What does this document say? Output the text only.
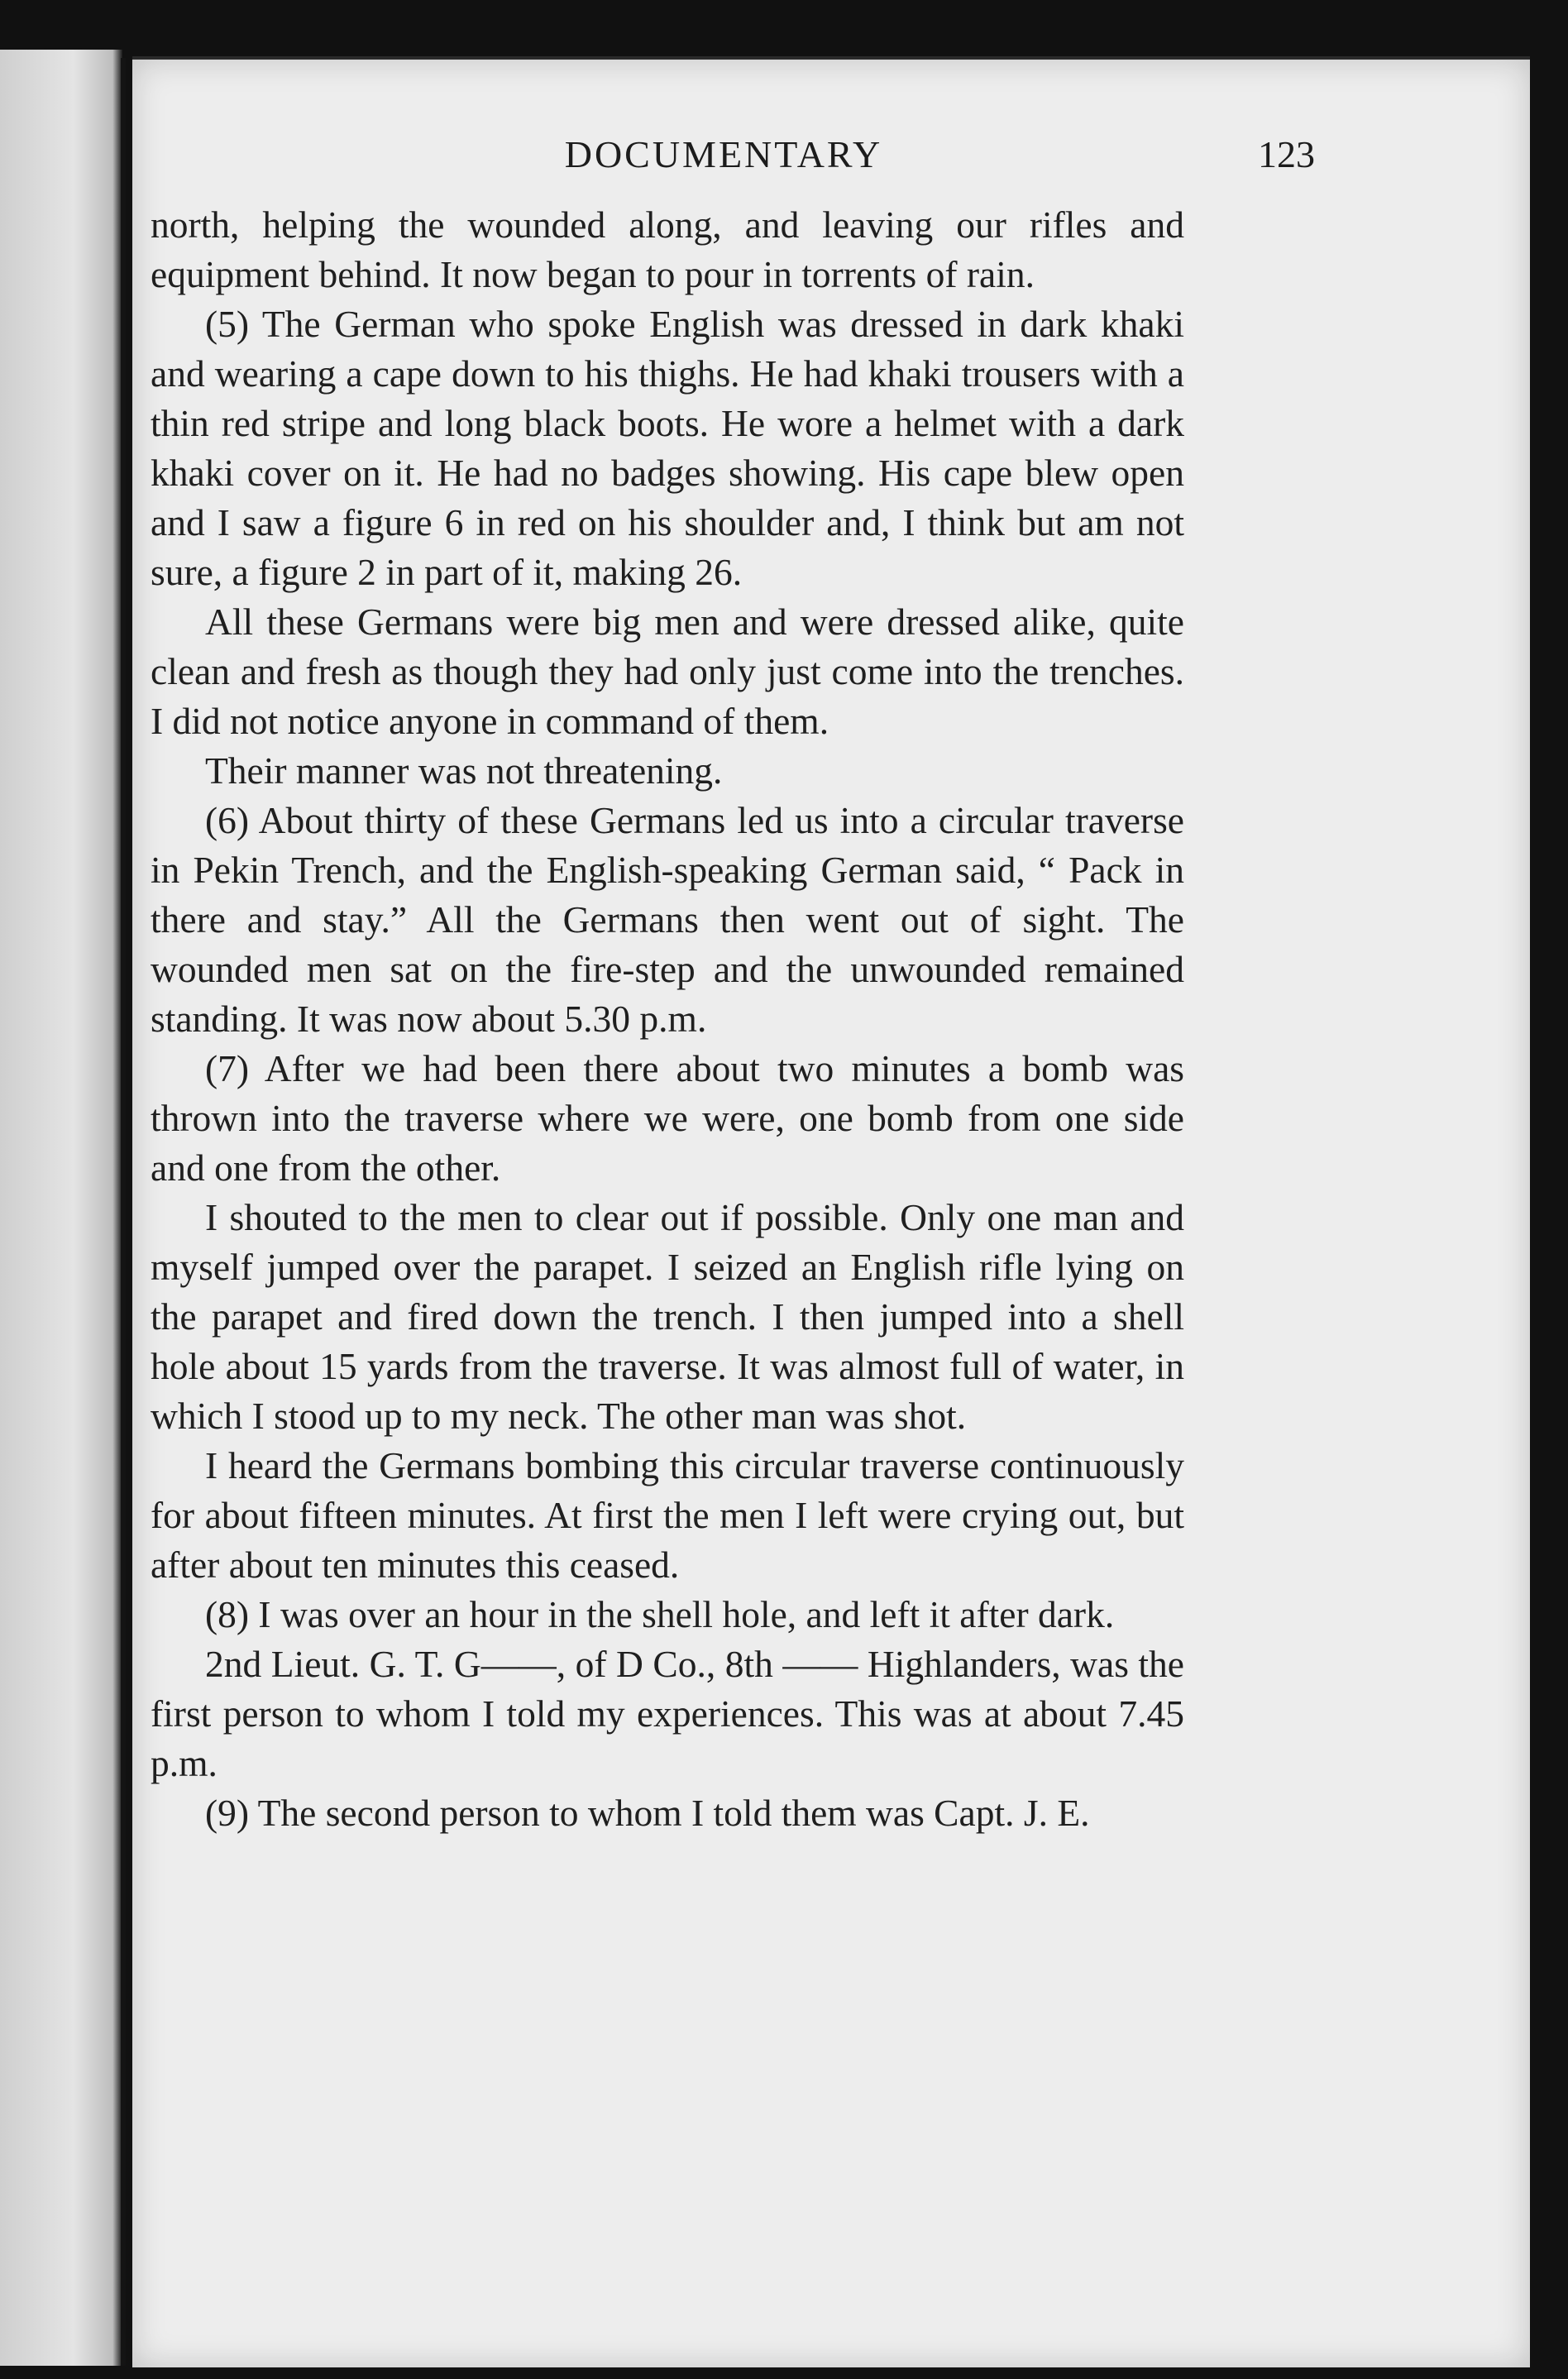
DOCUMENTARY	123

north, helping the wounded along, and leaving our rifles and equipment behind. It now began to pour in torrents of rain.

(5) The German who spoke English was dressed in dark khaki and wearing a cape down to his thighs. He had khaki trousers with a thin red stripe and long black boots. He wore a helmet with a dark khaki cover on it. He had no badges showing. His cape blew open and I saw a figure 6 in red on his shoulder and, I think but am not sure, a figure 2 in part of it, making 26.

All these Germans were big men and were dressed alike, quite clean and fresh as though they had only just come into the trenches. I did not notice anyone in command of them.

Their manner was not threatening.

(6) About thirty of these Germans led us into a circular traverse in Pekin Trench, and the English-speaking German said, “ Pack in there and stay.” All the Germans then went out of sight. The wounded men sat on the fire-step and the unwounded remained standing. It was now about 5.30 p.m.

(7) After we had been there about two minutes a bomb was thrown into the traverse where we were, one bomb from one side and one from the other.

I shouted to the men to clear out if possible. Only one man and myself jumped over the parapet. I seized an English rifle lying on the parapet and fired down the trench. I then jumped into a shell hole about 15 yards from the traverse. It was almost full of water, in which I stood up to my neck. The other man was shot.

I heard the Germans bombing this circular traverse continuously for about fifteen minutes. At first the men I left were crying out, but after about ten minutes this ceased.

(8) I was over an hour in the shell hole, and left it after dark.

2nd Lieut. G. T. G——, of D Co., 8th —— Highlanders, was the first person to whom I told my experiences. This was at about 7.45 p.m.

(9) The second person to whom I told them was Capt. J. E.
